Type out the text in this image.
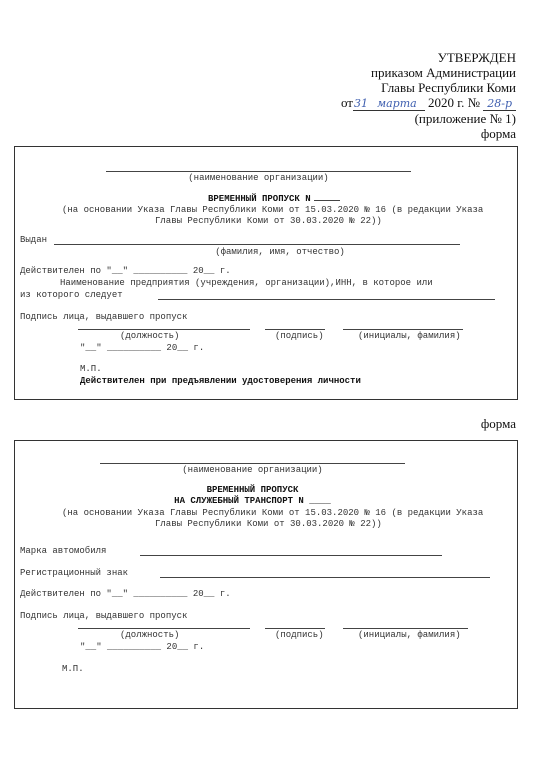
УТВЕРЖДЕН
приказом Администрации
Главы Республики Коми
от31 марта 2020 г. № 28-р
(приложение № 1)
форма
(наименование организации)
ВРЕМЕННЫЙ ПРОПУСК N
(на основании Указа Главы Республики Коми от 15.03.2020 № 16 (в редакции Указа
Главы Республики Коми от 30.03.2020 № 22))
Выдан
(фамилия, имя, отчество)
Действителен по "__" __________ 20__ г.
Наименование предприятия (учреждения, организации),ИНН, в которое или
из которого следует
Подпись лица, выдавшего пропуск
(должность)	(подпись)	(инициалы, фамилия)
"__" __________ 20__ г.
М.П.
Действителен при предъявлении удостоверения личности
форма
(наименование организации)
ВРЕМЕННЫЙ ПРОПУСК
НА СЛУЖЕБНЫЙ ТРАНСПОРТ N ____
(на основании Указа Главы Республики Коми от 15.03.2020 № 16 (в редакции Указа
Главы Республики Коми от 30.03.2020 № 22))
Марка автомобиля
Регистрационный знак
Действителен по "__" __________ 20__ г.
Подпись лица, выдавшего пропуск
(должность)	(подпись)	(инициалы, фамилия)
"__" __________ 20__ г.
М.П.
